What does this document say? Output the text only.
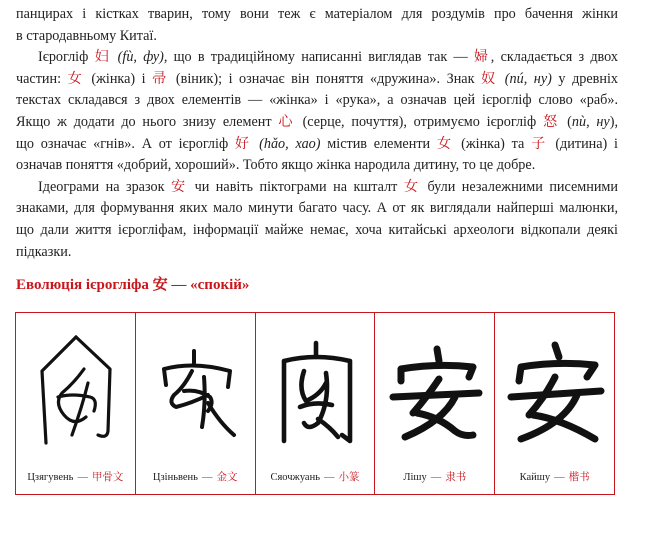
панцирах і кістках тварин, тому вони теж є матеріалом для роздумів про бачення жінки
в стародавньому Китаї.
Ієрогліф 妇 (fù, фу), що в традиційному написанні виглядав так — 婦, складається з двох
частин: 女 (жінка) і 帚 (віник); і означає він поняття «дружина». Знак 奴 (nú, ну) у древніх
текстах складався з двох елементів — «жінка» і «рука», а означав цей ієрогліф слово «раб».
Якщо ж додати до нього знизу елемент 心 (серце, почуття), отримуємо ієрогліф 怒 (nù, ну),
що означає «гнів». А от ієрогліф 好 (hǎo, хао) містив елементи 女 (жінка) та 子 (дитина) і
означав поняття «добрий, хороший». Тобто якщо жінка народила дитину, то це добре.
Ідеограми на зразок 安 чи навіть піктограми на кшталт 女 були незалежними писемними
знаками, для формування яких мало минути багато часу. А от як виглядали найперші малюнки,
що дали життя ієрогліфам, інформації майже немає, хоча китайські археологи відкопали деякі
підказки.
Еволюція ієрогліфа 安 — «спокій»
Цзягувень — 甲骨文	Цзіньвень — 金文	Сяочжуань — 小篆	Лішу — 隶书	Кайшу — 楷书
